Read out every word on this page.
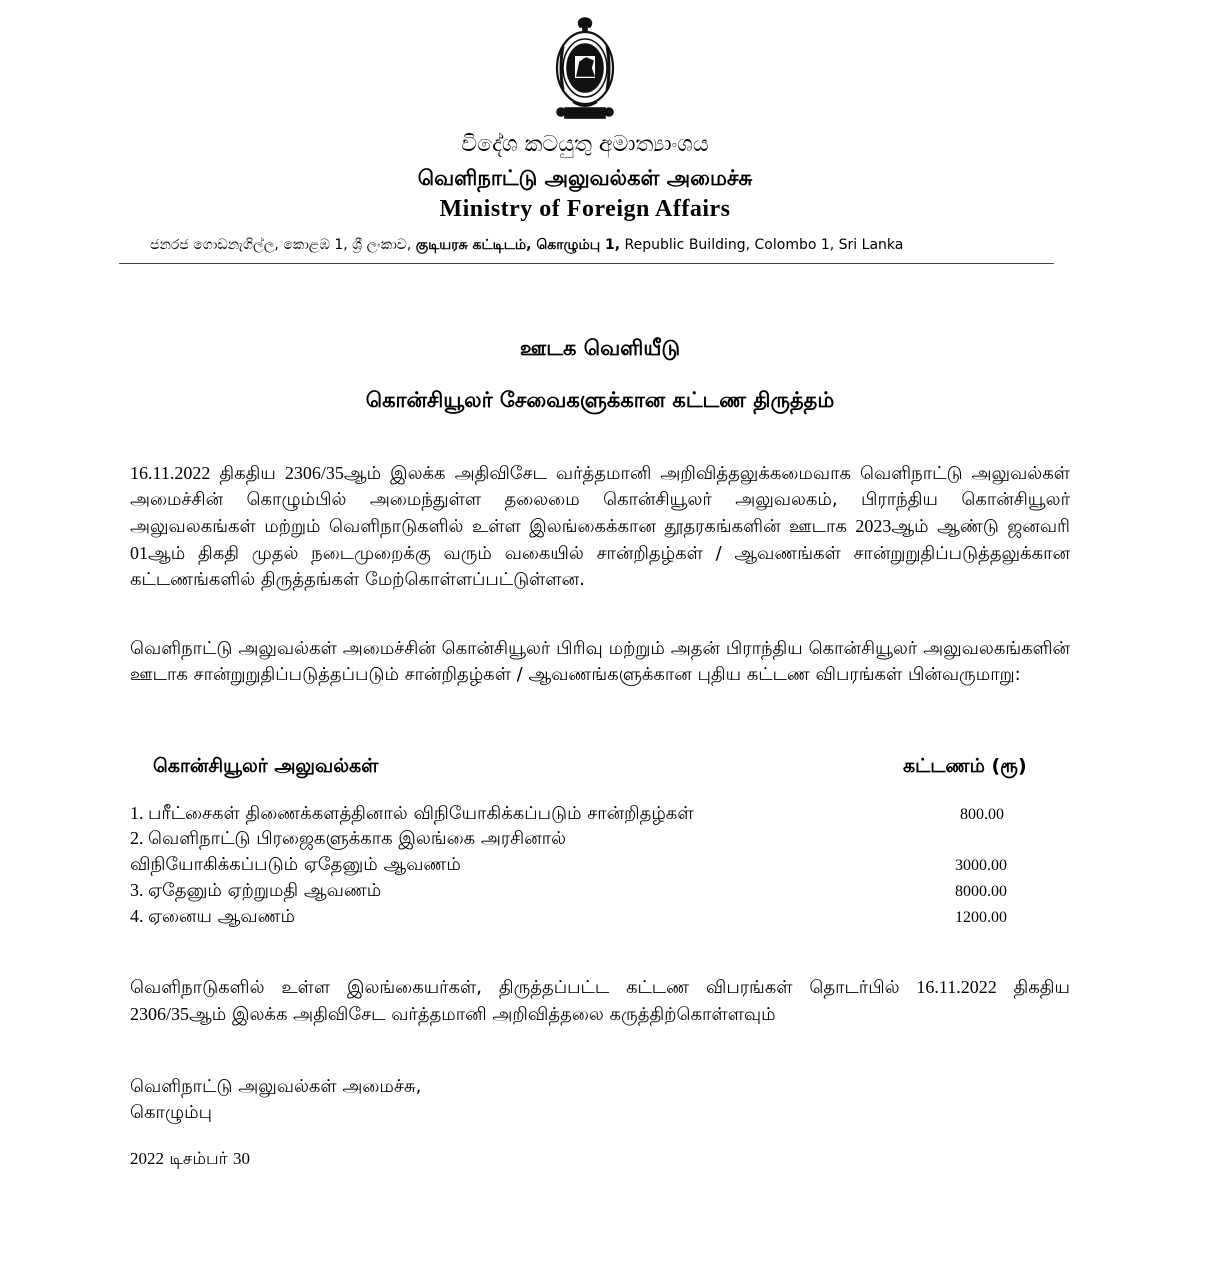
විදේශ කටයුතු අමාත්‍යාංශය
வெளிநாட்டு அலுவல்கள் அமைச்சு
Ministry of Foreign Affairs
ජනරජ ගොඩනැගිල්ල, කොළඹ 1, ශ්‍රී ලංකාව, குடியரசு கட்டிடம், கொழும்பு 1, Republic Building, Colombo 1, Sri Lanka
ஊடக வெளியீடு
கொன்சியூலர் சேவைகளுக்கான கட்டண திருத்தம்
16.11.2022 திகதிய 2306/35ஆம் இலக்க அதிவிசேட வர்த்தமானி அறிவித்தலுக்கமைவாக வெளிநாட்டு அலுவல்கள் அமைச்சின் கொழும்பில் அமைந்துள்ள தலைமை கொன்சியூலர் அலுவலகம், பிராந்திய கொன்சியூலர் அலுவலகங்கள் மற்றும் வெளிநாடுகளில் உள்ள இலங்கைக்கான தூதரகங்களின் ஊடாக 2023ஆம் ஆண்டு ஜனவரி 01ஆம் திகதி முதல் நடைமுறைக்கு வரும் வகையில் சான்றிதழ்கள் / ஆவணங்கள் சான்றுறுதிப்படுத்தலுக்கான கட்டணங்களில் திருத்தங்கள் மேற்கொள்ளப்பட்டுள்ளன.
வெளிநாட்டு அலுவல்கள் அமைச்சின் கொன்சியூலர் பிரிவு மற்றும் அதன் பிராந்திய கொன்சியூலர் அலுவலகங்களின் ஊடாக சான்றுறுதிப்படுத்தப்படும் சான்றிதழ்கள் / ஆவணங்களுக்கான புதிய கட்டண விபரங்கள் பின்வருமாறு:
கொன்சியூலர் அலுவல்கள்	கட்டணம் (ரூ)
1. பரீட்சைகள் திணைக்களத்தினால் விநியோகிக்கப்படும் சான்றிதழ்கள்	800.00
2. வெளிநாட்டு பிரஜைகளுக்காக இலங்கை அரசினால்
விநியோகிக்கப்படும் ஏதேனும் ஆவணம்	3000.00
3. ஏதேனும் ஏற்றுமதி ஆவணம்	8000.00
4. ஏனைய ஆவணம்	1200.00
வெளிநாடுகளில் உள்ள இலங்கையர்கள், திருத்தப்பட்ட கட்டண விபரங்கள் தொடர்பில் 16.11.2022 திகதிய 2306/35ஆம் இலக்க அதிவிசேட வர்த்தமானி அறிவித்தலை கருத்திற்கொள்ளவும்
வெளிநாட்டு அலுவல்கள் அமைச்சு,
கொழும்பு
2022 டிசம்பர் 30
